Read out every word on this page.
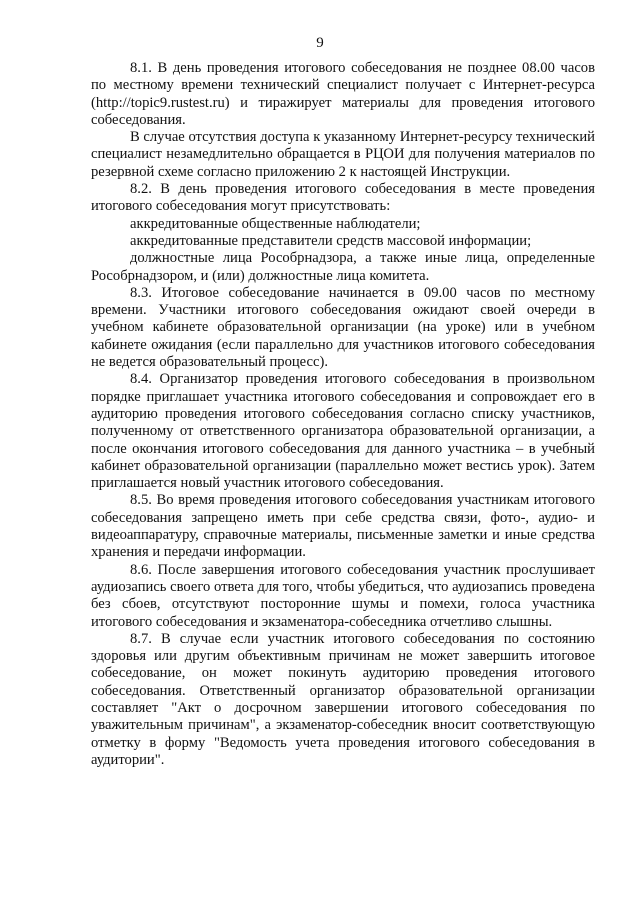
9

8.1. В день проведения итогового собеседования не позднее 08.00 часов по местному времени технический специалист получает с Интернет-ресурса (http://topic9.rustest.ru) и тиражирует материалы для проведения итогового собеседования.

В случае отсутствия доступа к указанному Интернет-ресурсу технический специалист незамедлительно обращается в РЦОИ для получения материалов по резервной схеме согласно приложению 2 к настоящей Инструкции.

8.2. В день проведения итогового собеседования в месте проведения итогового собеседования могут присутствовать:

аккредитованные общественные наблюдатели;

аккредитованные представители средств массовой информации;

должностные лица Рособрнадзора, а также иные лица, определенные Рособрнадзором, и (или) должностные лица комитета.

8.3. Итоговое собеседование начинается в 09.00 часов по местному времени. Участники итогового собеседования ожидают своей очереди в учебном кабинете образовательной организации (на уроке) или в учебном кабинете ожидания (если параллельно для участников итогового собеседования не ведется образовательный процесс).

8.4. Организатор проведения итогового собеседования в произвольном порядке приглашает участника итогового собеседования и сопровождает его в аудиторию проведения итогового собеседования согласно списку участников, полученному от ответственного организатора образовательной организации, а после окончания итогового собеседования для данного участника – в учебный кабинет образовательной организации (параллельно может вестись урок). Затем приглашается новый участник итогового собеседования.

8.5. Во время проведения итогового собеседования участникам итогового собеседования запрещено иметь при себе средства связи, фото-, аудио- и видеоаппаратуру, справочные материалы, письменные заметки и иные средства хранения и передачи информации.

8.6. После завершения итогового собеседования участник прослушивает аудиозапись своего ответа для того, чтобы убедиться, что аудиозапись проведена без сбоев, отсутствуют посторонние шумы и помехи, голоса участника итогового собеседования и экзаменатора-собеседника отчетливо слышны.

8.7. В случае если участник итогового собеседования по состоянию здоровья или другим объективным причинам не может завершить итоговое собеседование, он может покинуть аудиторию проведения итогового собеседования. Ответственный организатор образовательной организации составляет "Акт о досрочном завершении итогового собеседования по уважительным причинам", а экзаменатор-собеседник вносит соответствующую отметку в форму "Ведомость учета проведения итогового собеседования в аудитории".
